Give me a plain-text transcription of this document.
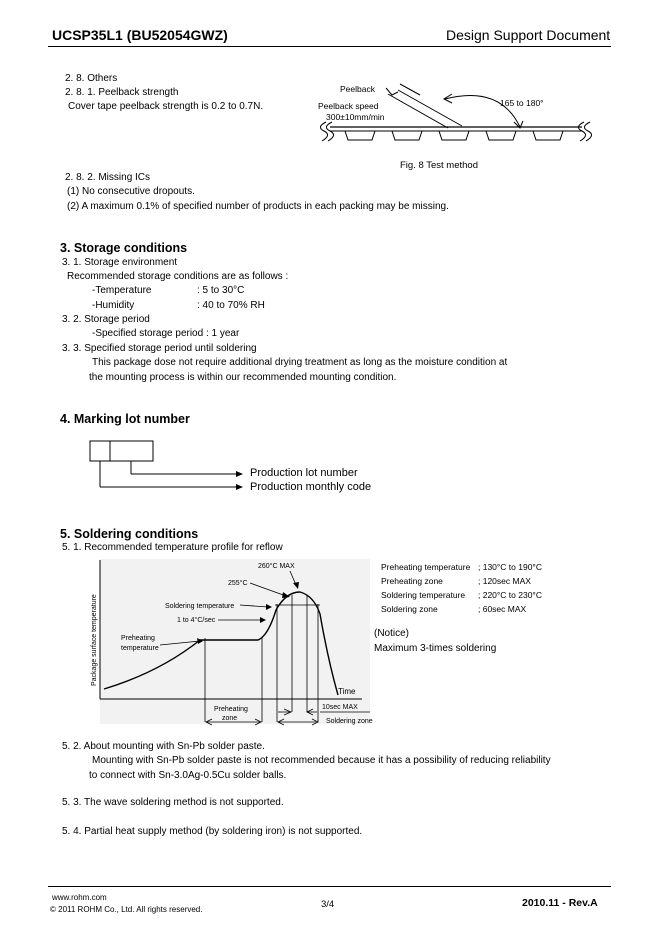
UCSP35L1 (BU52054GWZ)	Design Support Document
2. 8. Others
2. 8. 1. Peelback strength
Cover tape peelback strength is 0.2 to 0.7N.
Peelback
Peelback speed
300±10mm/min
165 to 180°
Fig. 8 Test method
2. 8. 2. Missing ICs
(1) No consecutive dropouts.
(2) A maximum 0.1% of specified number of products in each packing may be missing.
3. Storage conditions
3. 1. Storage environment
Recommended storage conditions are as follows :
-Temperature	: 5 to 30°C
-Humidity	: 40 to 70% RH
3. 2. Storage period
-Specified storage period : 1 year
3. 3. Specified storage period until soldering
This package dose not require additional drying treatment as long as the moisture condition at
the mounting process is within our recommended mounting condition.
4. Marking lot number
Production lot number
Production monthly code
5. Soldering conditions
5. 1. Recommended temperature profile for reflow
Package surface temperature
Time
260°C MAX
255°C
Soldering temperature
1 to 4°C/sec
Preheating
temperature
Preheating
zone
10sec MAX
Soldering zone
Preheating temperature ; 130°C to 190°C
Preheating zone	; 120sec MAX
Soldering temperature	; 220°C to 230°C
Soldering zone	; 60sec MAX
(Notice)
Maximum 3-times soldering
5. 2. About mounting with Sn-Pb solder paste.
Mounting with Sn-Pb solder paste is not recommended because it has a possibility of reducing reliability
to connect with Sn-3.0Ag-0.5Cu solder balls.
5. 3. The wave soldering method is not supported.
5. 4. Partial heat supply method (by soldering iron) is not supported.
www.rohm.com
© 2011 ROHM Co., Ltd. All rights reserved.	3/4	2010.11 - Rev.A
